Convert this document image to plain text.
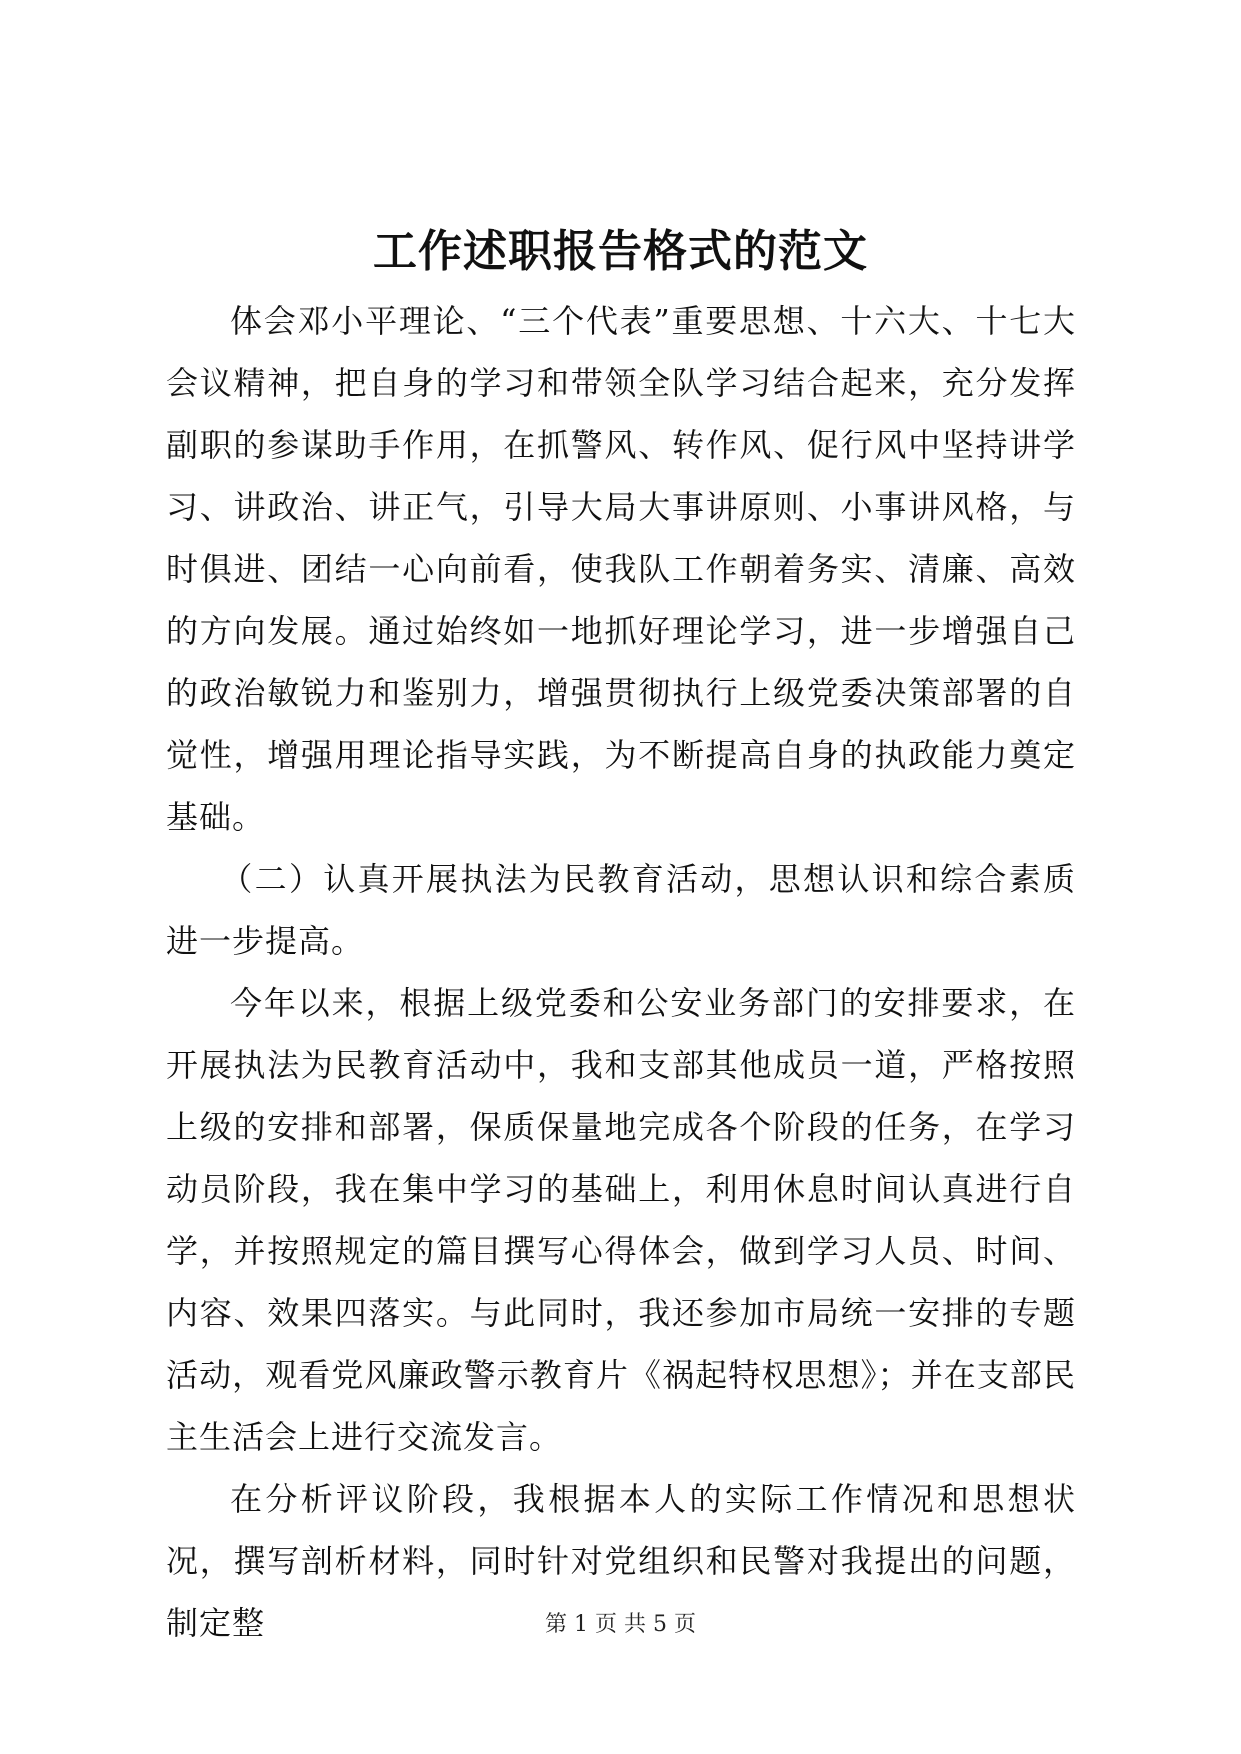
工作述职报告格式的范文

体会邓小平理论、“三个代表”重要思想、十六大、十七大会议精神，把自身的学习和带领全队学习结合起来，充分发挥副职的参谋助手作用，在抓警风、转作风、促行风中坚持讲学习、讲政治、讲正气，引导大局大事讲原则、小事讲风格，与时俱进、团结一心向前看，使我队工作朝着务实、清廉、高效的方向发展。通过始终如一地抓好理论学习，进一步增强自己的政治敏锐力和鉴别力，增强贯彻执行上级党委决策部署的自觉性，增强用理论指导实践，为不断提高自身的执政能力奠定基础。

（二）认真开展执法为民教育活动，思想认识和综合素质进一步提高。

今年以来，根据上级党委和公安业务部门的安排要求，在开展执法为民教育活动中，我和支部其他成员一道，严格按照上级的安排和部署，保质保量地完成各个阶段的任务，在学习动员阶段，我在集中学习的基础上，利用休息时间认真进行自学，并按照规定的篇目撰写心得体会，做到学习人员、时间、内容、效果四落实。与此同时，我还参加市局统一安排的专题活动，观看党风廉政警示教育片《祸起特权思想》；并在支部民主生活会上进行交流发言。

在分析评议阶段，我根据本人的实际工作情况和思想状况，撰写剖析材料，同时针对党组织和民警对我提出的问题，制定整	第 1 页 共 5 页
